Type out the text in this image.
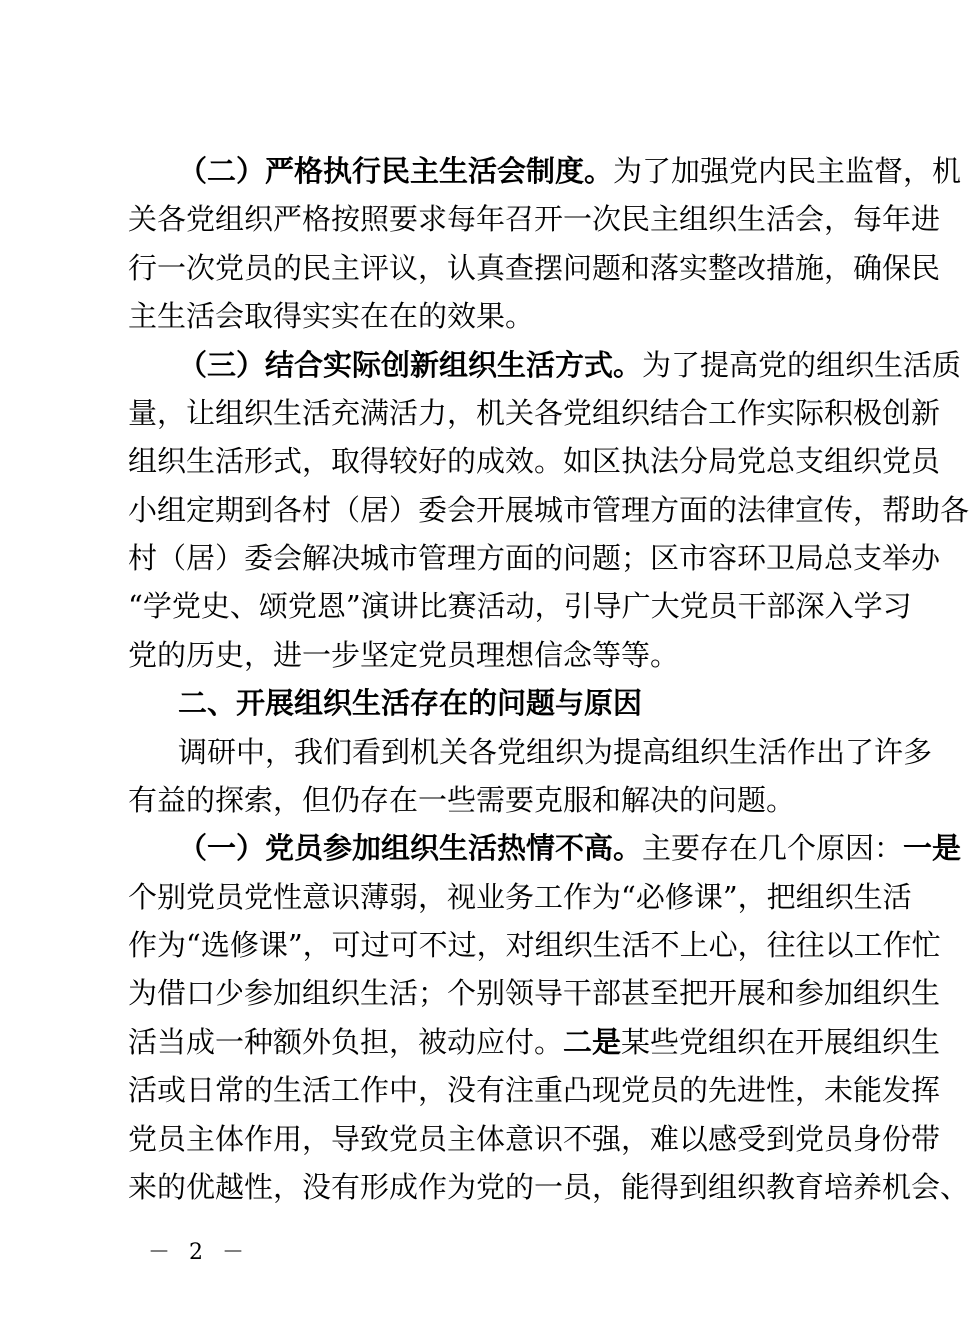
（二）严格执行民主生活会制度。为了加强党内民主监督，机
关各党组织严格按照要求每年召开一次民主组织生活会，每年进
行一次党员的民主评议，认真查摆问题和落实整改措施，确保民
主生活会取得实实在在的效果。
（三）结合实际创新组织生活方式。为了提高党的组织生活质
量，让组织生活充满活力，机关各党组织结合工作实际积极创新
组织生活形式，取得较好的成效。如区执法分局党总支组织党员
小组定期到各村（居）委会开展城市管理方面的法律宣传，帮助各
村（居）委会解决城市管理方面的问题；区市容环卫局总支举办
“学党史、颂党恩”演讲比赛活动，引导广大党员干部深入学习
党的历史，进一步坚定党员理想信念等等。
二、开展组织生活存在的问题与原因
调研中，我们看到机关各党组织为提高组织生活作出了许多
有益的探索，但仍存在一些需要克服和解决的问题。
（一）党员参加组织生活热情不高。主要存在几个原因：一是
个别党员党性意识薄弱，视业务工作为“必修课”，把组织生活
作为“选修课”，可过可不过，对组织生活不上心，往往以工作忙
为借口少参加组织生活；个别领导干部甚至把开展和参加组织生
活当成一种额外负担，被动应付。二是某些党组织在开展组织生
活或日常的生活工作中，没有注重凸现党员的先进性，未能发挥
党员主体作用，导致党员主体意识不强，难以感受到党员身份带
来的优越性，没有形成作为党的一员，能得到组织教育培养机会、
－ 2 －
